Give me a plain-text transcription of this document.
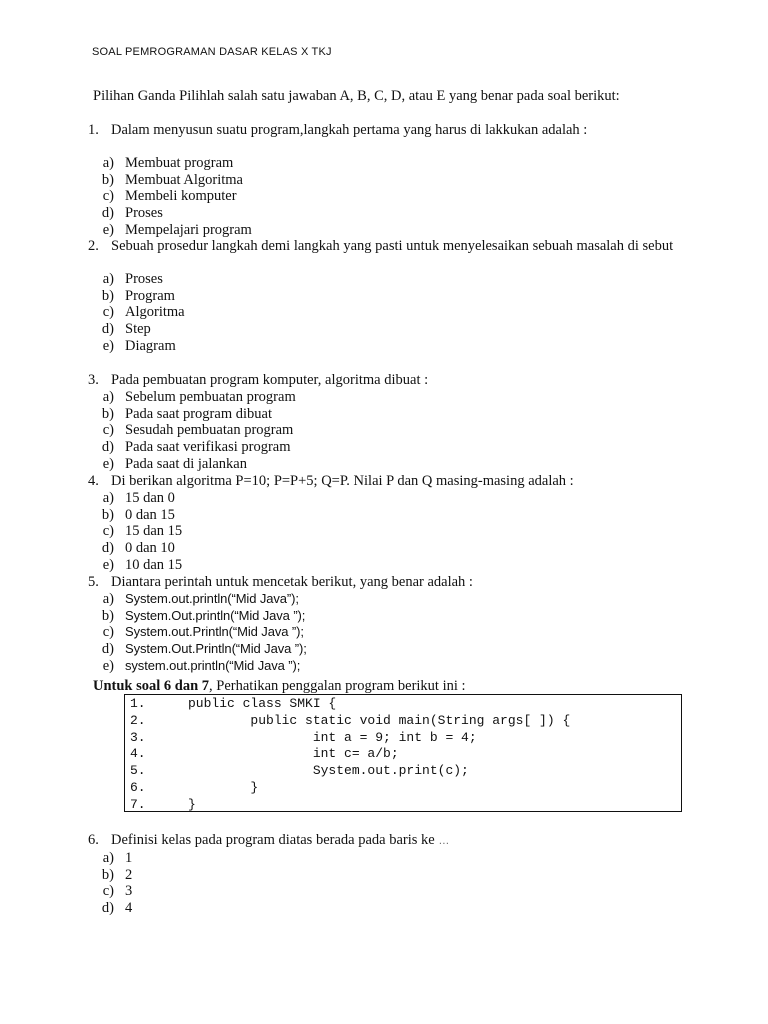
SOAL PEMROGRAMAN DASAR KELAS X TKJ
Pilihan Ganda Pilihlah salah satu jawaban A, B, C, D, atau E yang benar pada soal berikut:
1. Dalam menyusun suatu program,langkah pertama yang harus di lakkukan adalah :
a) Membuat program
b) Membuat Algoritma
c) Membeli komputer
d) Proses
e) Mempelajari program
2. Sebuah prosedur langkah demi langkah yang pasti untuk menyelesaikan sebuah masalah di sebut
a) Proses
b) Program
c) Algoritma
d) Step
e) Diagram
3. Pada pembuatan program komputer, algoritma dibuat :
a) Sebelum pembuatan program
b) Pada saat program dibuat
c) Sesudah pembuatan program
d) Pada saat verifikasi program
e) Pada saat di jalankan
4. Di berikan algoritma P=10; P=P+5; Q=P. Nilai P dan Q masing-masing adalah :
a) 15 dan 0
b) 0 dan 15
c) 15 dan 15
d) 0 dan 10
e) 10 dan 15
5. Diantara perintah untuk mencetak berikut, yang benar adalah :
a) System.out.println(“Mid Java”);
b) System.Out.println(“Mid Java ”);
c) System.out.Println(“Mid Java ”);
d) System.Out.Println(“Mid Java ”);
e) system.out.println(“Mid Java ”);
Untuk soal 6 dan 7, Perhatikan penggalan program berikut ini :
1.	public class SMKI {
2.	public static void main(String args[ ]) {
3.	int a = 9; int b = 4;
4.	int c= a/b;
5.	System.out.print(c);
6.	}
7.	}
6. Definisi kelas pada program diatas berada pada baris ke …
a) 1
b) 2
c) 3
d) 4
